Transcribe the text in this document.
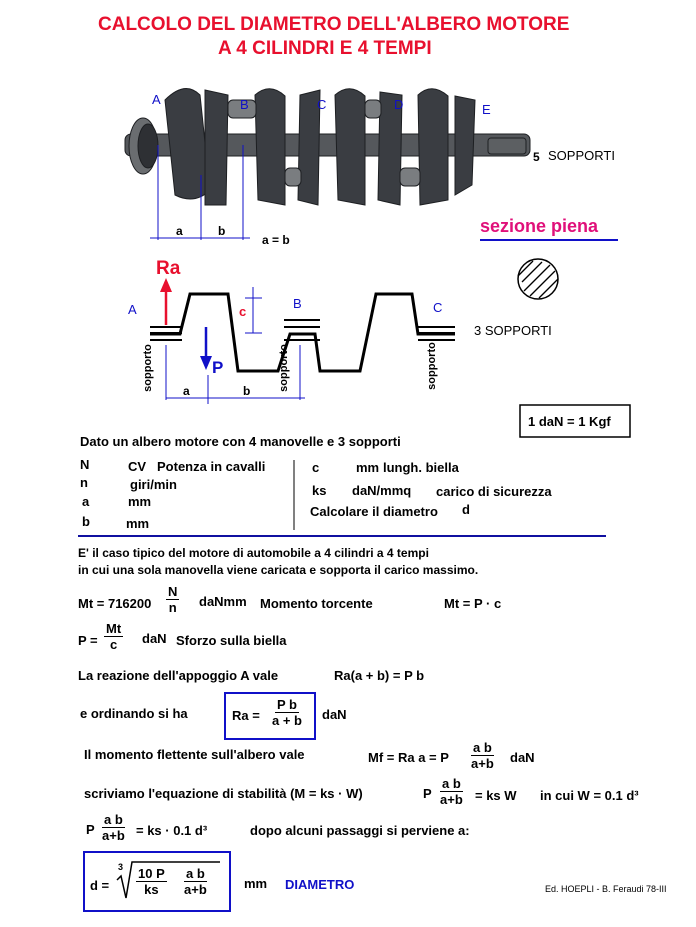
CALCOLO DEL DIAMETRO DELL'ALBERO MOTORE
A 4 CILINDRI E 4 TEMPI
A	B	C	D	E
a	b
a = b
5 SOPPORTI
sezione piena
Ra
P
c
A	B	C
sopporto	sopporto	sopporto
a	b
3 SOPPORTI
1 daN = 1 Kgf
Dato un albero motore con 4 manovelle e 3 sopporti
N	CV Potenza in cavalli
n	giri/min
a	mm
b	mm
c	mm lungh. biella
ks daN/mmq carico di sicurezza
Calcolare il diametro d
E' il caso tipico del motore di automobile a 4 cilindri a 4 tempi
in cui una sola manovella viene caricata e sopporta il carico massimo.
$Mt = 716200 \frac{N}{n}$ daNmm Momento torcente	Mt = P · c
$P = \frac{Mt}{c}$ daN Sforzo sulla biella
La reazione dell'appoggio A vale	Ra(a + b) = P b
e ordinando si ha	$Ra = \frac{\text{P b}}{a + b}$ daN
Il momento flettente sull'albero vale	Mf = Ra a = P $\frac{\text{a b}}{a+b}$ daN
scriviamo l'equazione di stabilità (M = ks · W)	P $\frac{\text{a b}}{a+b}$ = ks W in cui W = 0.1 d³
P $\frac{\text{a b}}{a+b}$ = ks · 0.1 d³	dopo alcuni passaggi si perviene a:
d =
$3 \frac{10 P}{ks} \frac{\text{a b}}{a+b}$	mm DIAMETRO	Ed. HOEPLI - B. Feraudi 78-III
